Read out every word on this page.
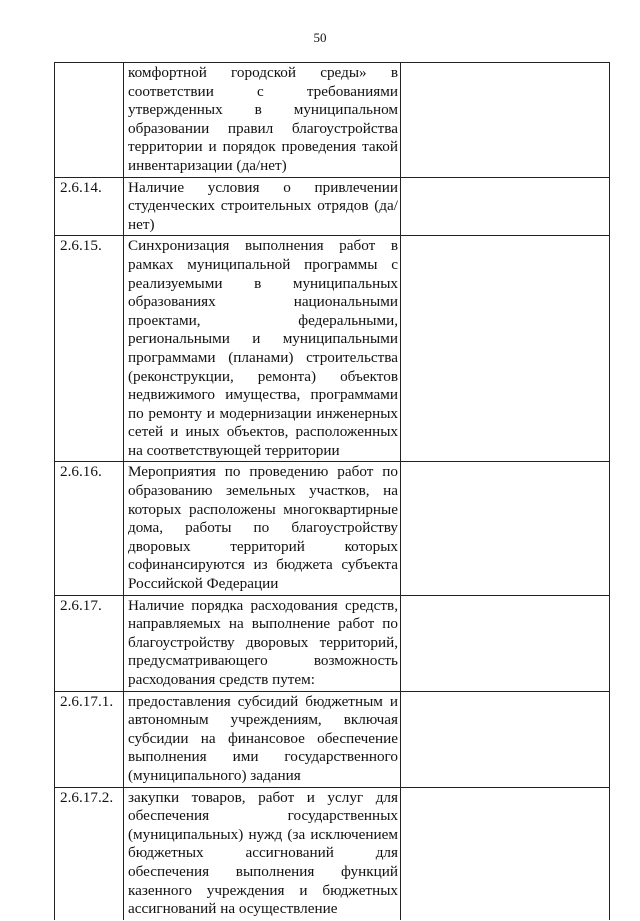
50
	комфортной городской среды» в соответствии с требованиями утвержденных в муниципальном образовании правил благоустройства территории и порядок проведения такой инвентаризации (да/нет)	
2.6.14.	Наличие условия о привлечении студенческих строительных отрядов (да/нет)	
2.6.15.	Синхронизация выполнения работ в рамках муниципальной программы с реализуемыми в муниципальных образованиях национальными проектами, федеральными, региональными и муниципальными программами (планами) строительства (реконструкции, ремонта) объектов недвижимого имущества, программами по ремонту и модернизации инженерных сетей и иных объектов, расположенных на соответствующей территории	
2.6.16.	Мероприятия по проведению работ по образованию земельных участков, на которых расположены многоквартирные дома, работы по благоустройству дворовых территорий которых софинансируются из бюджета субъекта Российской Федерации	
2.6.17.	Наличие порядка расходования средств, направляемых на выполнение работ по благоустройству дворовых территорий, предусматривающего возможность расходования средств путем:	
2.6.17.1.	предоставления субсидий бюджетным и автономным учреждениям, включая субсидии на финансовое обеспечение выполнения ими государственного (муниципального) задания	
2.6.17.2.	закупки товаров, работ и услуг для обеспечения государственных (муниципальных) нужд (за исключением бюджетных ассигнований для обеспечения выполнения функций казенного учреждения и бюджетных ассигнований на осуществление	
